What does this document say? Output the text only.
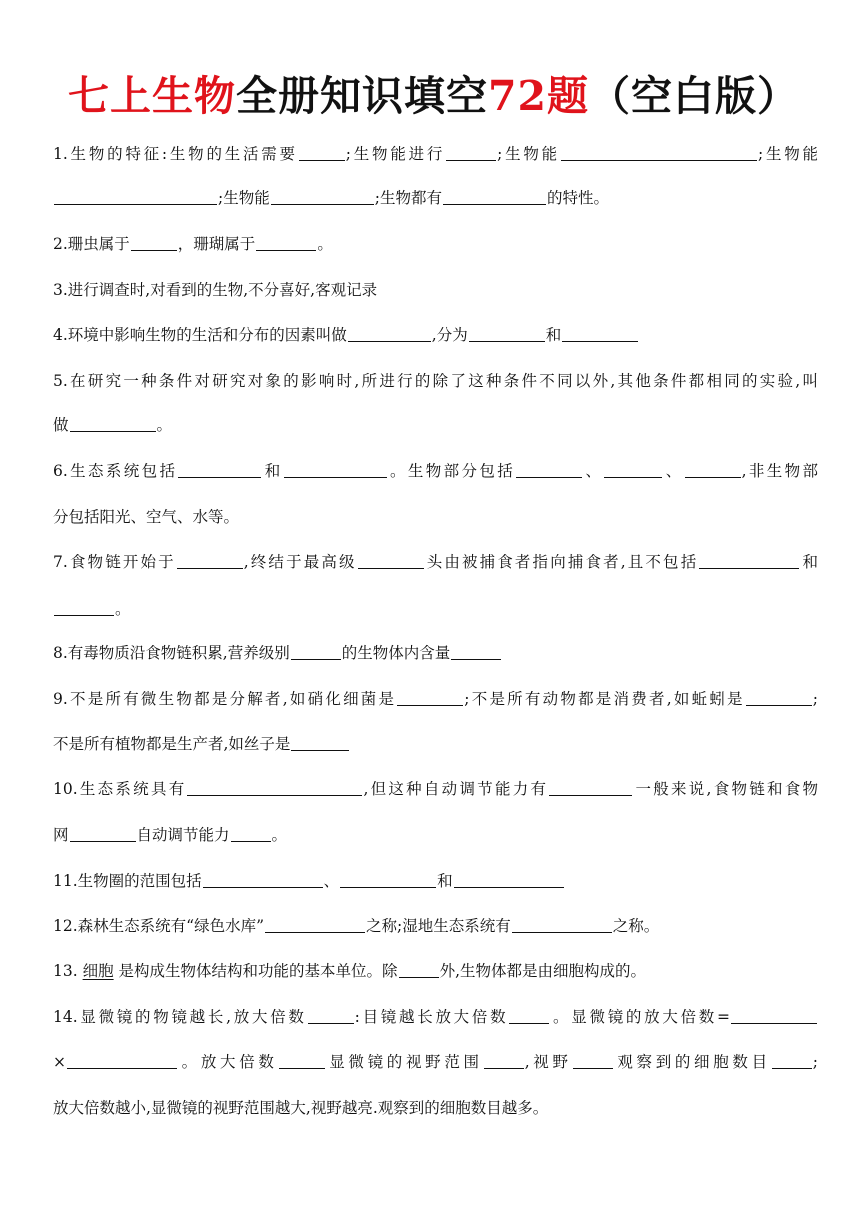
七上生物全册知识填空72题（空白版）
1.生物的特征:生物的生活需要	;生物能进行	;生物能	;生物能
;生物能	;生物都有	的特性。
2.珊虫属于	，珊瑚属于	。
3.进行调查时,对看到的生物,不分喜好,客观记录
4.环境中影响生物的生活和分布的因素叫做	,分为	和
5.在研究一种条件对研究对象的影响时,所进行的除了这种条件不同以外,其他条件都相同的实验,叫
做	。
6.生态系统包括	和	。生物部分包括	、	、	,非生物部
分包括阳光、空气、水等。
7.食物链开始于	,终结于最高级	头由被捕食者指向捕食者,且不包括	和
。
8.有毒物质沿食物链积累,营养级别	的生物体内含量
9.不是所有微生物都是分解者,如硝化细菌是	;不是所有动物都是消费者,如蚯蚓是	;
不是所有植物都是生产者,如丝子是
10.生态系统具有	,但这种自动调节能力有	一般来说,食物链和食物
网	自动调节能力	。
11.生物圈的范围包括	、	和
12.森林生态系统有“绿色水库”	之称;湿地生态系统有	之称。
13. 细胞 是构成生物体结构和功能的基本单位。除	外,生物体都是由细胞构成的。
14.显微镜的物镜越长,放大倍数	:目镜越长放大倍数	。显微镜的放大倍数=
×	。放大倍数	显微镜的视野范围	,视野	观察到的细胞数目	;
放大倍数越小,显微镜的视野范围越大,视野越亮.观察到的细胞数目越多。
